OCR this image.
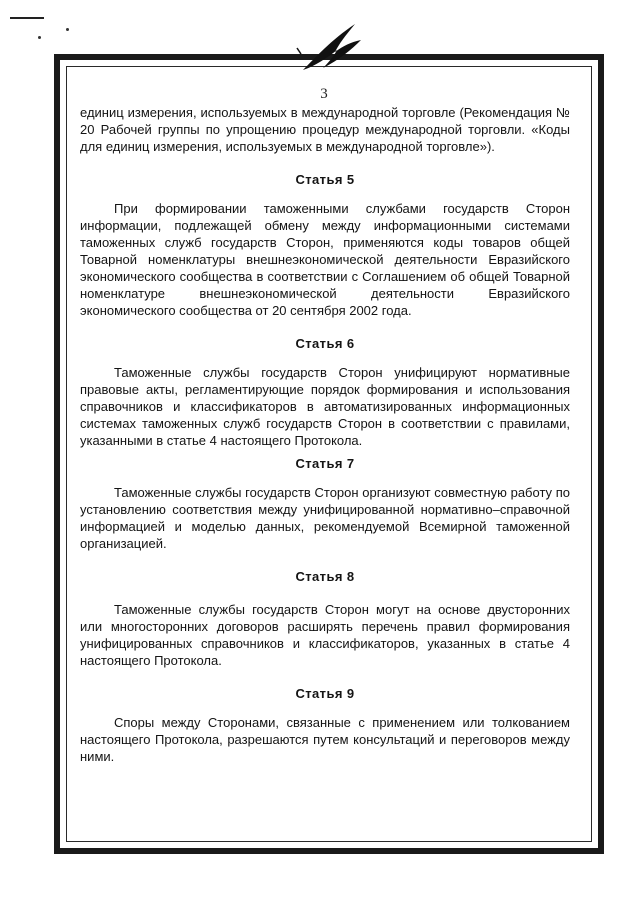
3

единиц измерения, используемых в международной торговле (Рекомендация № 20 Рабочей группы по упрощению процедур международной торговли. «Коды для единиц измерения, используемых в международной торговле»).

Статья 5

При формировании таможенными службами государств Сторон информации, подлежащей обмену между информационными системами таможенных служб государств Сторон, применяются коды товаров общей Товарной номенклатуры внешнеэкономической деятельности Евразийского экономического сообщества в соответствии с Соглашением об общей Товарной номенклатуре внешнеэкономической деятельности Евразийского экономического сообщества от 20 сентября 2002 года.

Статья 6

Таможенные службы государств Сторон унифицируют нормативные правовые акты, регламентирующие порядок формирования и использования справочников и классификаторов в автоматизированных информационных системах таможенных служб государств Сторон в соответствии с правилами, указанными в статье 4 настоящего Протокола.

Статья 7

Таможенные службы государств Сторон организуют совместную работу по установлению соответствия между унифицированной нормативно–справочной информацией и моделью данных, рекомендуемой Всемирной таможенной организацией.

Статья 8

Таможенные службы государств Сторон могут на основе двусторонних или многосторонних договоров расширять перечень правил формирования унифицированных справочников и классификаторов, указанных в статье 4 настоящего Протокола.

Статья 9

Споры между Сторонами, связанные с применением или толкованием настоящего Протокола, разрешаются путем консультаций и переговоров между ними.
